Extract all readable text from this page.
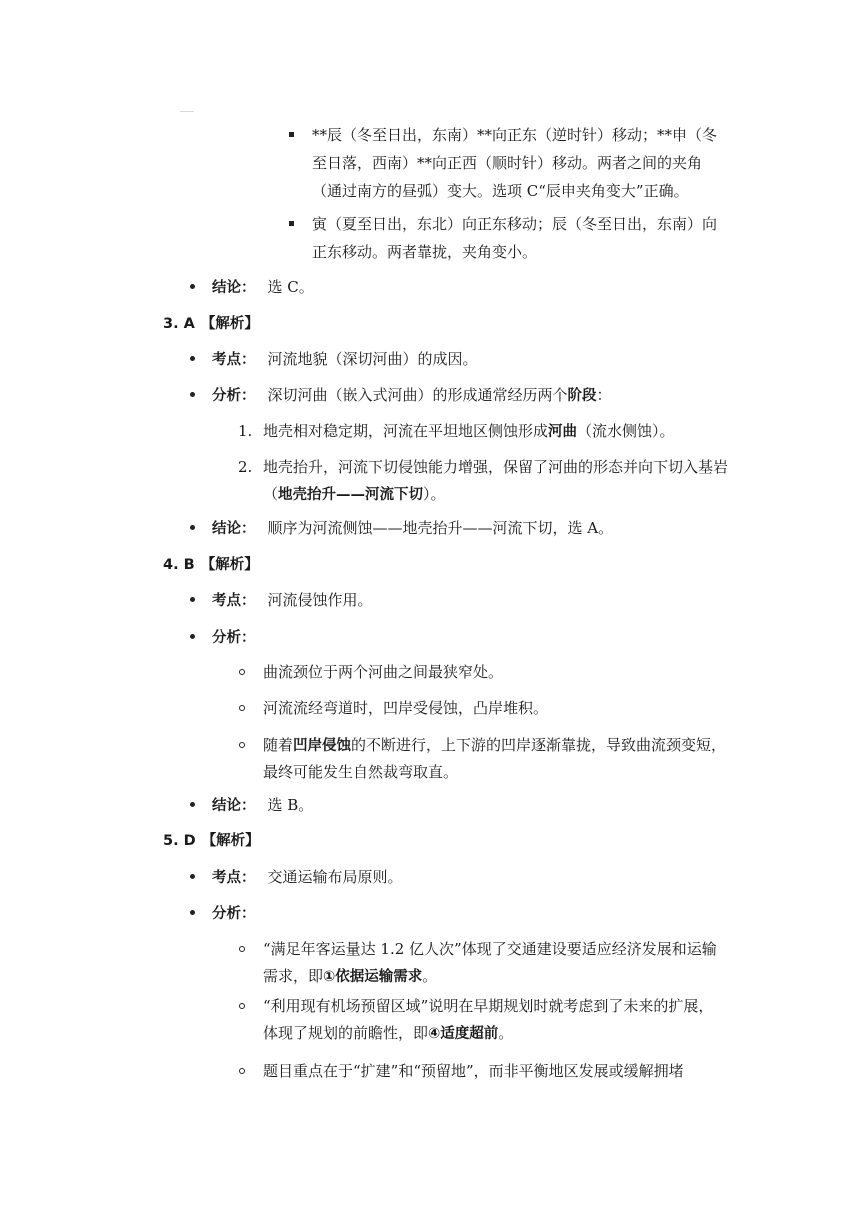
**辰（冬至日出，东南）**向正东（逆时针）移动；**申（冬
至日落，西南）**向正西（顺时针）移动。两者之间的夹角
（通过南方的昼弧）变大。选项 C“辰申夹角变大”正确。
寅（夏至日出，东北）向正东移动；辰（冬至日出，东南）向
正东移动。两者靠拢，夹角变小。
结论： 选 C。
3. A 【解析】
考点： 河流地貌（深切河曲）的成因。
分析： 深切河曲（嵌入式河曲）的形成通常经历两个阶段：
1. 地壳相对稳定期，河流在平坦地区侧蚀形成河曲（流水侧蚀）。
2. 地壳抬升，河流下切侵蚀能力增强，保留了河曲的形态并向下切入基岩
（地壳抬升——河流下切）。
结论： 顺序为河流侧蚀——地壳抬升——河流下切，选 A。
4. B 【解析】
考点： 河流侵蚀作用。
分析：
曲流颈位于两个河曲之间最狭窄处。
河流流经弯道时，凹岸受侵蚀，凸岸堆积。
随着凹岸侵蚀的不断进行，上下游的凹岸逐渐靠拢，导致曲流颈变短，
最终可能发生自然裁弯取直。
结论： 选 B。
5. D 【解析】
考点： 交通运输布局原则。
分析：
“满足年客运量达 1.2 亿人次”体现了交通建设要适应经济发展和运输
需求，即①依据运输需求。
“利用现有机场预留区域”说明在早期规划时就考虑到了未来的扩展，
体现了规划的前瞻性，即④适度超前。
题目重点在于“扩建”和“预留地”，而非平衡地区发展或缓解拥堵
